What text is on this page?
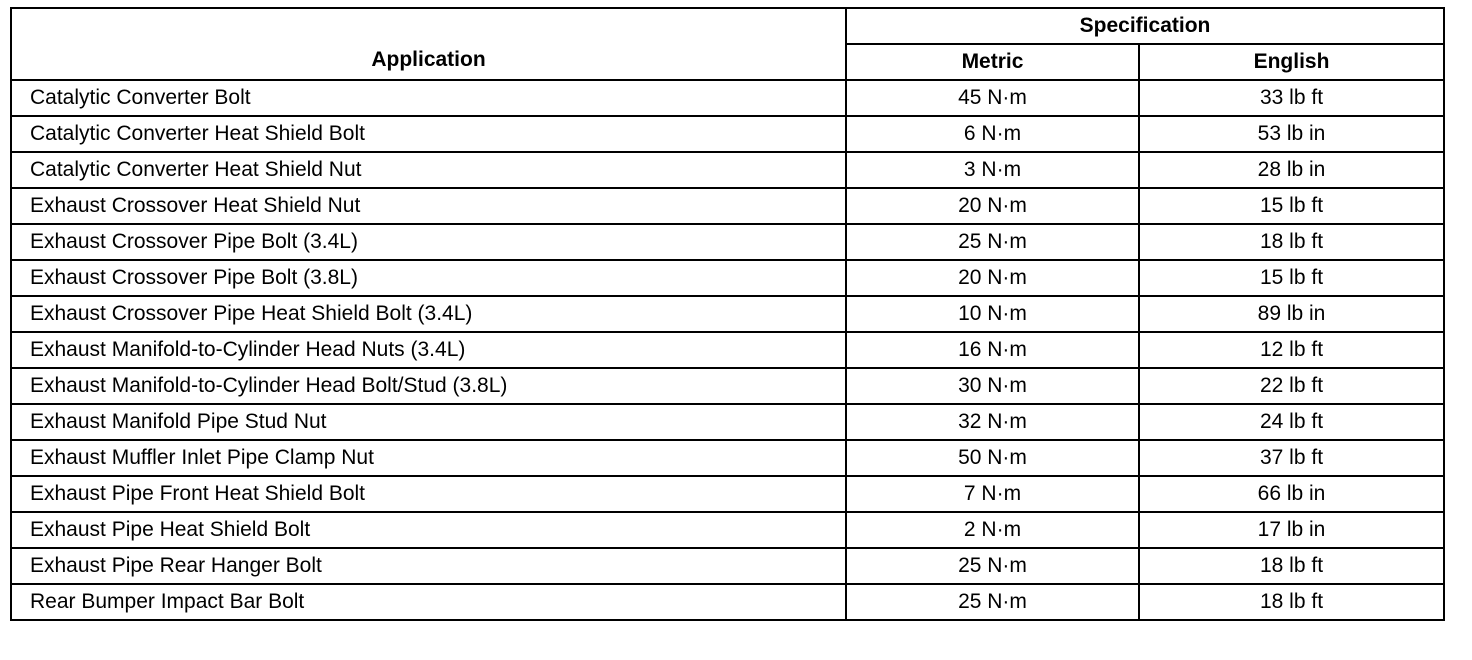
Application	Specification	
	Metric	English
Catalytic Converter Bolt	45 N·m	33 lb ft
Catalytic Converter Heat Shield Bolt	6 N·m	53 lb in
Catalytic Converter Heat Shield Nut	3 N·m	28 lb in
Exhaust Crossover Heat Shield Nut	20 N·m	15 lb ft
Exhaust Crossover Pipe Bolt (3.4L)	25 N·m	18 lb ft
Exhaust Crossover Pipe Bolt (3.8L)	20 N·m	15 lb ft
Exhaust Crossover Pipe Heat Shield Bolt (3.4L)	10 N·m	89 lb in
Exhaust Manifold-to-Cylinder Head Nuts (3.4L)	16 N·m	12 lb ft
Exhaust Manifold-to-Cylinder Head Bolt/Stud (3.8L)	30 N·m	22 lb ft
Exhaust Manifold Pipe Stud Nut	32 N·m	24 lb ft
Exhaust Muffler Inlet Pipe Clamp Nut	50 N·m	37 lb ft
Exhaust Pipe Front Heat Shield Bolt	7 N·m	66 lb in
Exhaust Pipe Heat Shield Bolt	2 N·m	17 lb in
Exhaust Pipe Rear Hanger Bolt	25 N·m	18 lb ft
Rear Bumper Impact Bar Bolt	25 N·m	18 lb ft
